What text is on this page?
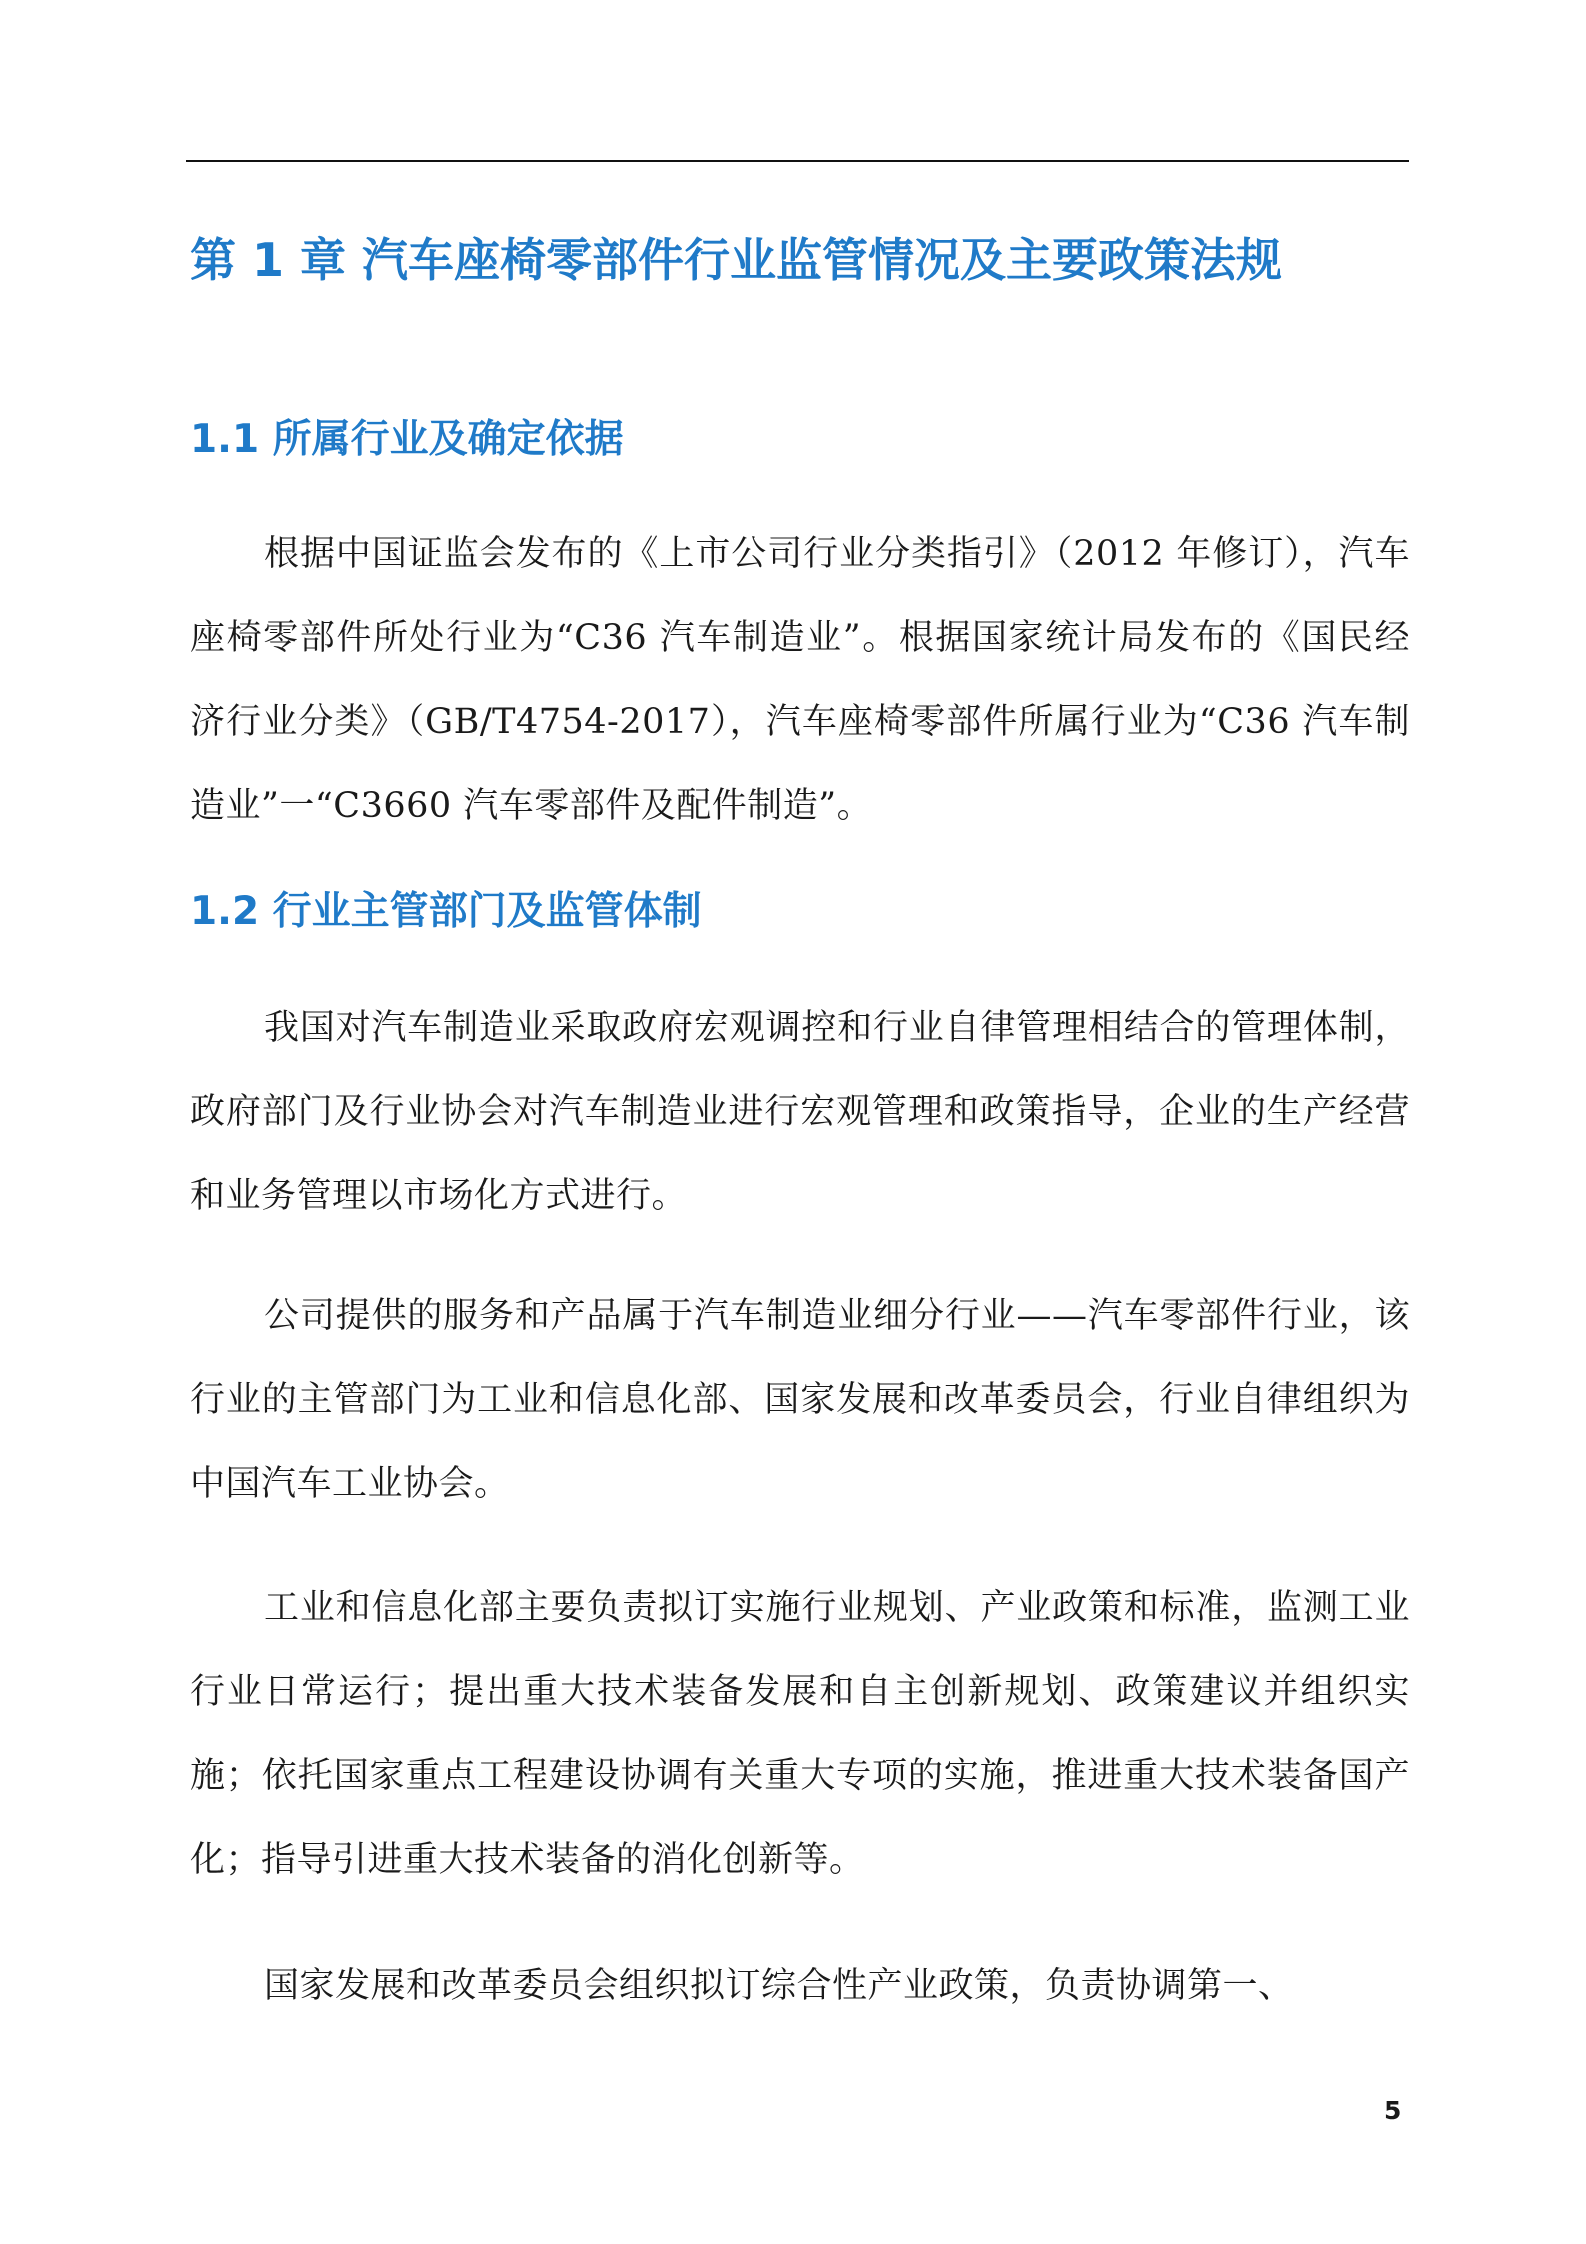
第 1 章 汽车座椅零部件行业监管情况及主要政策法规
1.1 所属行业及确定依据

根据中国证监会发布的《上市公司行业分类指引》（2012 年修订），汽车座椅零部件所处行业为“C36 汽车制造业”。根据国家统计局发布的《国民经济行业分类》（GB/T4754-2017），汽车座椅零部件所属行业为“C36 汽车制造业”一“C3660 汽车零部件及配件制造”。

1.2 行业主管部门及监管体制

我国对汽车制造业采取政府宏观调控和行业自律管理相结合的管理体制，政府部门及行业协会对汽车制造业进行宏观管理和政策指导，企业的生产经营和业务管理以市场化方式进行。

公司提供的服务和产品属于汽车制造业细分行业——汽车零部件行业，该行业的主管部门为工业和信息化部、国家发展和改革委员会，行业自律组织为中国汽车工业协会。

工业和信息化部主要负责拟订实施行业规划、产业政策和标准，监测工业行业日常运行；提出重大技术装备发展和自主创新规划、政策建议并组织实施；依托国家重点工程建设协调有关重大专项的实施，推进重大技术装备国产化；指导引进重大技术装备的消化创新等。

国家发展和改革委员会组织拟订综合性产业政策，负责协调第一、

5
